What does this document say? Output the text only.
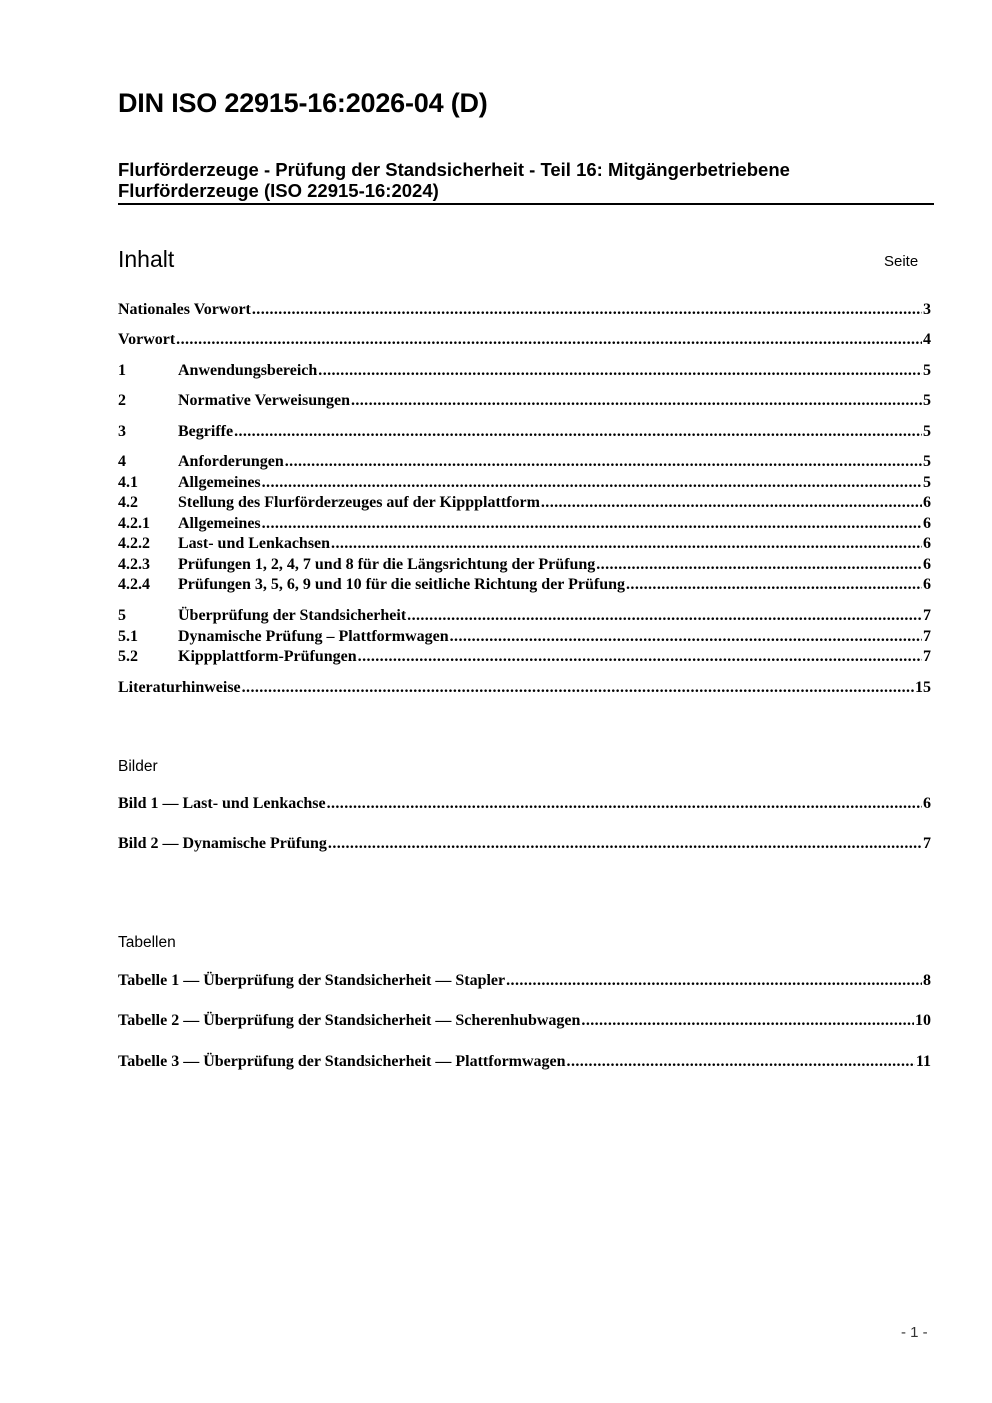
DIN ISO 22915-16:2026-04 (D)
Flurförderzeuge - Prüfung der Standsicherheit - Teil 16: Mitgängerbetriebene
Flurförderzeuge (ISO 22915-16:2024)
Inhalt	Seite
Nationales Vorwort .....	3
Vorwort .....	4
1	Anwendungsbereich .....	5
2	Normative Verweisungen .....	5
3	Begriffe .....	5
4	Anforderungen .....	5
4.1	Allgemeines .....	5
4.2	Stellung des Flurförderzeuges auf der Kippplattform .....	6
4.2.1	Allgemeines .....	6
4.2.2	Last- und Lenkachsen .....	6
4.2.3	Prüfungen 1, 2, 4, 7 und 8 für die Längsrichtung der Prüfung .....	6
4.2.4	Prüfungen 3, 5, 6, 9 und 10 für die seitliche Richtung der Prüfung .....	6
5	Überprüfung der Standsicherheit .....	7
5.1	Dynamische Prüfung – Plattformwagen .....	7
5.2	Kippplattform-Prüfungen .....	7
Literaturhinweise .....	15
Bilder
Bild 1 — Last- und Lenkachse .....	6
Bild 2 — Dynamische Prüfung .....	7
Tabellen
Tabelle 1 — Überprüfung der Standsicherheit — Stapler .....	8
Tabelle 2 — Überprüfung der Standsicherheit — Scherenhubwagen .....	10
Tabelle 3 — Überprüfung der Standsicherheit — Plattformwagen .....	11
- 1 -
